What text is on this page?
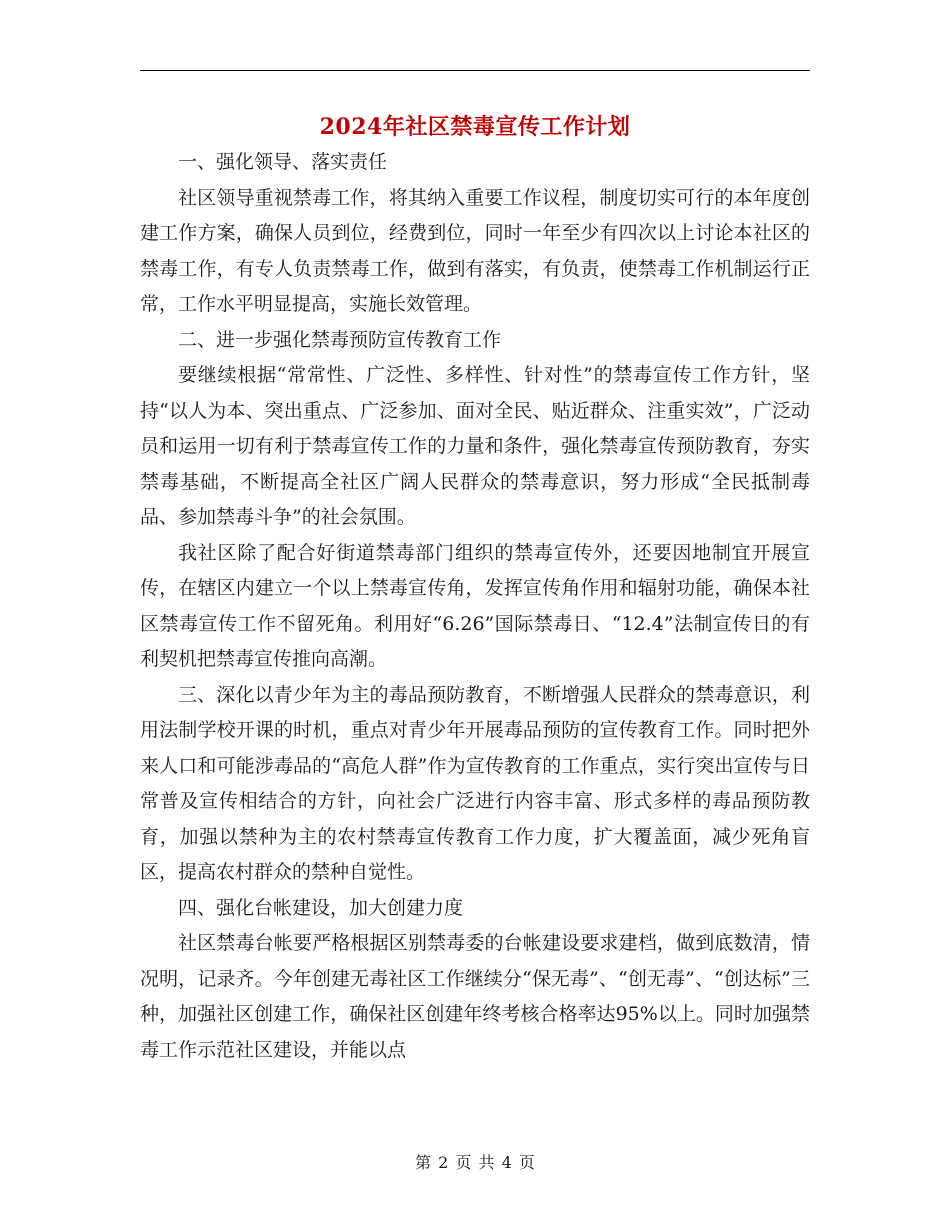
2024年社区禁毒宣传工作计划

一、强化领导、落实责任

社区领导重视禁毒工作，将其纳入重要工作议程，制度切实可行的本年度创建工作方案，确保人员到位，经费到位，同时一年至少有四次以上讨论本社区的禁毒工作，有专人负责禁毒工作，做到有落实，有负责，使禁毒工作机制运行正常，工作水平明显提高，实施长效管理。

二、进一步强化禁毒预防宣传教育工作

要继续根据“常常性、广泛性、多样性、针对性”的禁毒宣传工作方针，坚持“以人为本、突出重点、广泛参加、面对全民、贴近群众、注重实效”，广泛动员和运用一切有利于禁毒宣传工作的力量和条件，强化禁毒宣传预防教育，夯实禁毒基础，不断提高全社区广阔人民群众的禁毒意识，努力形成“全民抵制毒品、参加禁毒斗争”的社会氛围。

我社区除了配合好街道禁毒部门组织的禁毒宣传外，还要因地制宜开展宣传，在辖区内建立一个以上禁毒宣传角，发挥宣传角作用和辐射功能，确保本社区禁毒宣传工作不留死角。利用好“6.26”国际禁毒日、“12.4”法制宣传日的有利契机把禁毒宣传推向高潮。

三、深化以青少年为主的毒品预防教育，不断增强人民群众的禁毒意识，利用法制学校开课的时机，重点对青少年开展毒品预防的宣传教育工作。同时把外来人口和可能涉毒品的“高危人群”作为宣传教育的工作重点，实行突出宣传与日常普及宣传相结合的方针，向社会广泛进行内容丰富、形式多样的毒品预防教育，加强以禁种为主的农村禁毒宣传教育工作力度，扩大覆盖面，减少死角盲区，提高农村群众的禁种自觉性。

四、强化台帐建设，加大创建力度

社区禁毒台帐要严格根据区别禁毒委的台帐建设要求建档，做到底数清，情况明，记录齐。今年创建无毒社区工作继续分“保无毒”、“创无毒”、“创达标”三种，加强社区创建工作，确保社区创建年终考核合格率达95%以上。同时加强禁毒工作示范社区建设，并能以点

第 2 页 共 4 页
